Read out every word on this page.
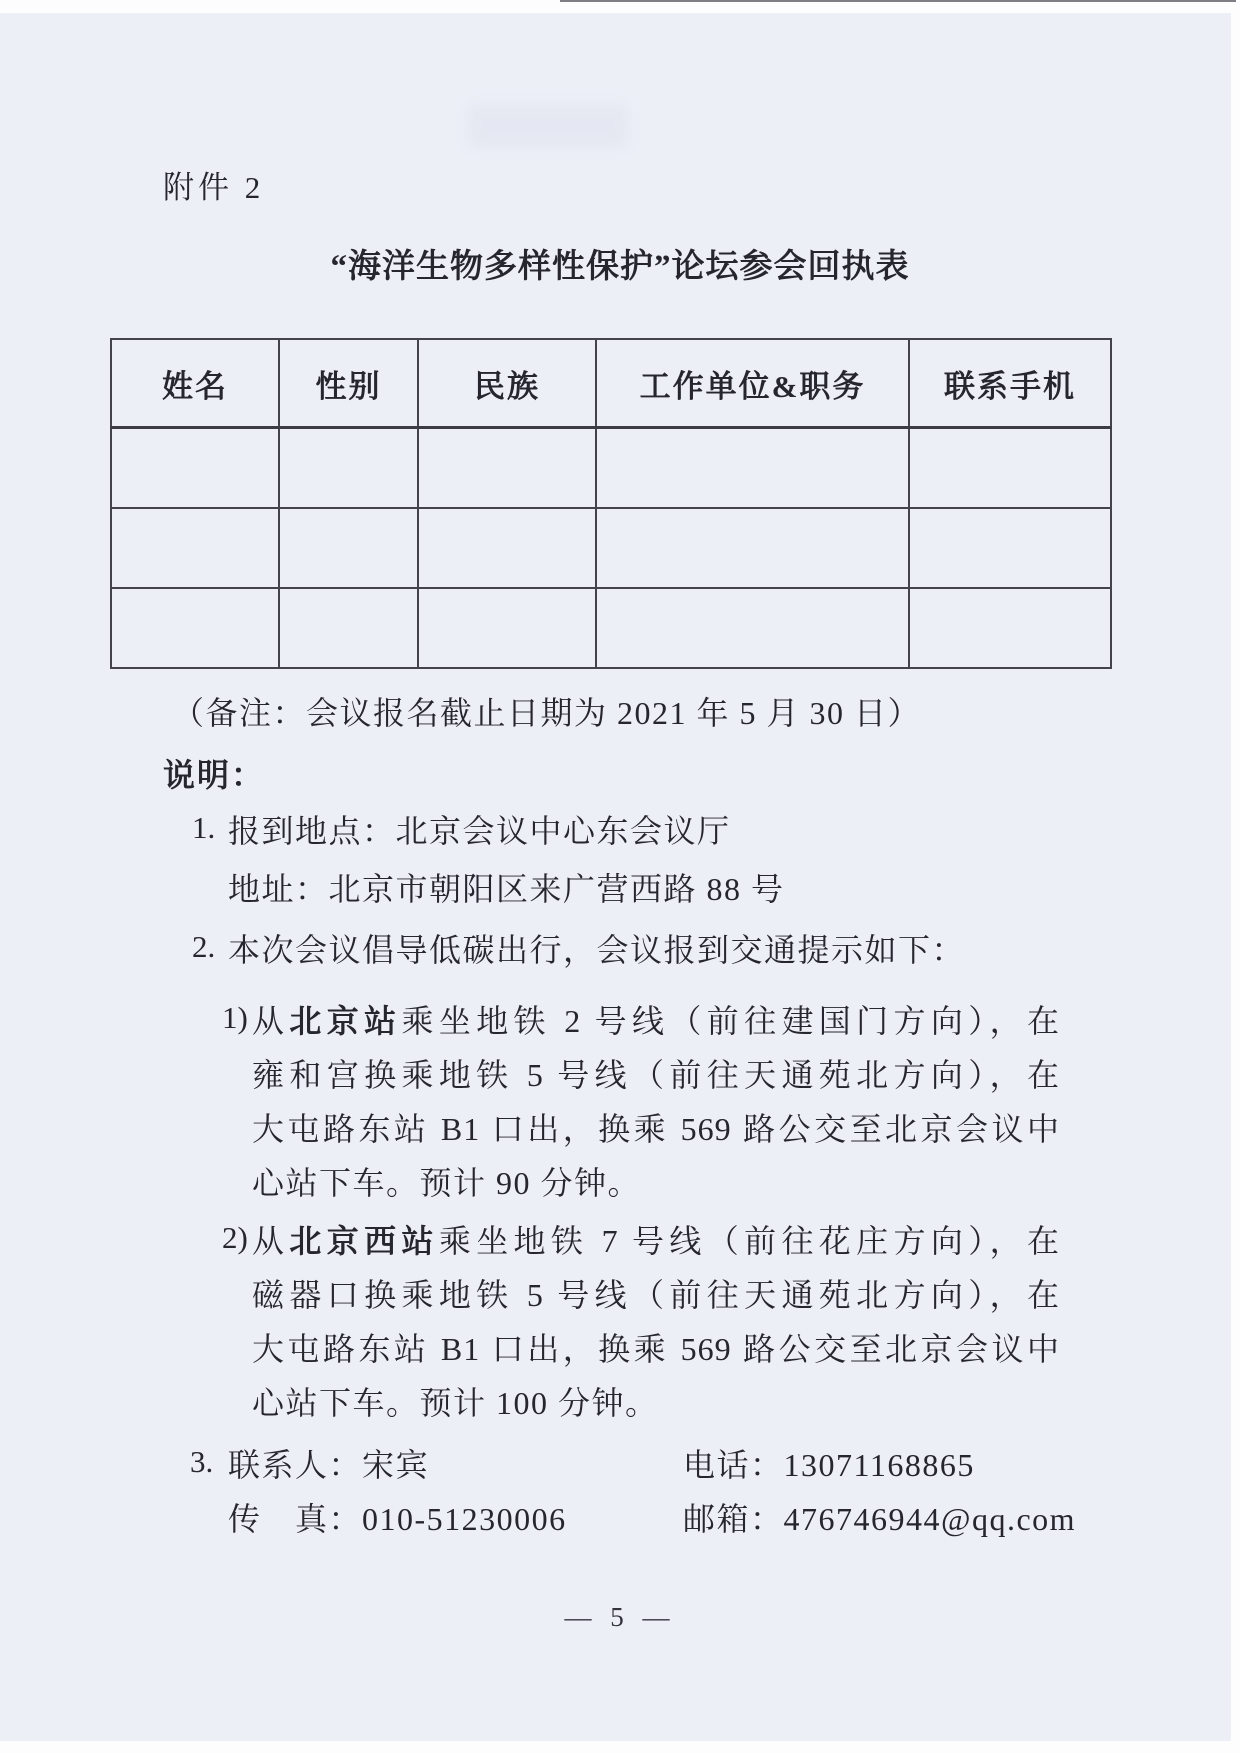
附件 2
“海洋生物多样性保护”论坛参会回执表
姓名	性别	民族	工作单位&职务	联系手机

（备注：会议报名截止日期为 2021 年 5 月 30 日）
说明：
1. 报到地点：北京会议中心东会议厅
地址：北京市朝阳区来广营西路 88 号
2. 本次会议倡导低碳出行，会议报到交通提示如下：
1) 从北京站乘坐地铁 2 号线（前往建国门方向），在
雍和宫换乘地铁 5 号线（前往天通苑北方向），在
大屯路东站 B1 口出，换乘 569 路公交至北京会议中
心站下车。预计 90 分钟。
2) 从北京西站乘坐地铁 7 号线（前往花庄方向），在
磁器口换乘地铁 5 号线（前往天通苑北方向），在
大屯路东站 B1 口出，换乘 569 路公交至北京会议中
心站下车。预计 100 分钟。
3. 联系人：宋宾	电话：13071168865
传　真：010-51230006	邮箱：476746944@qq.com
— 5 —
